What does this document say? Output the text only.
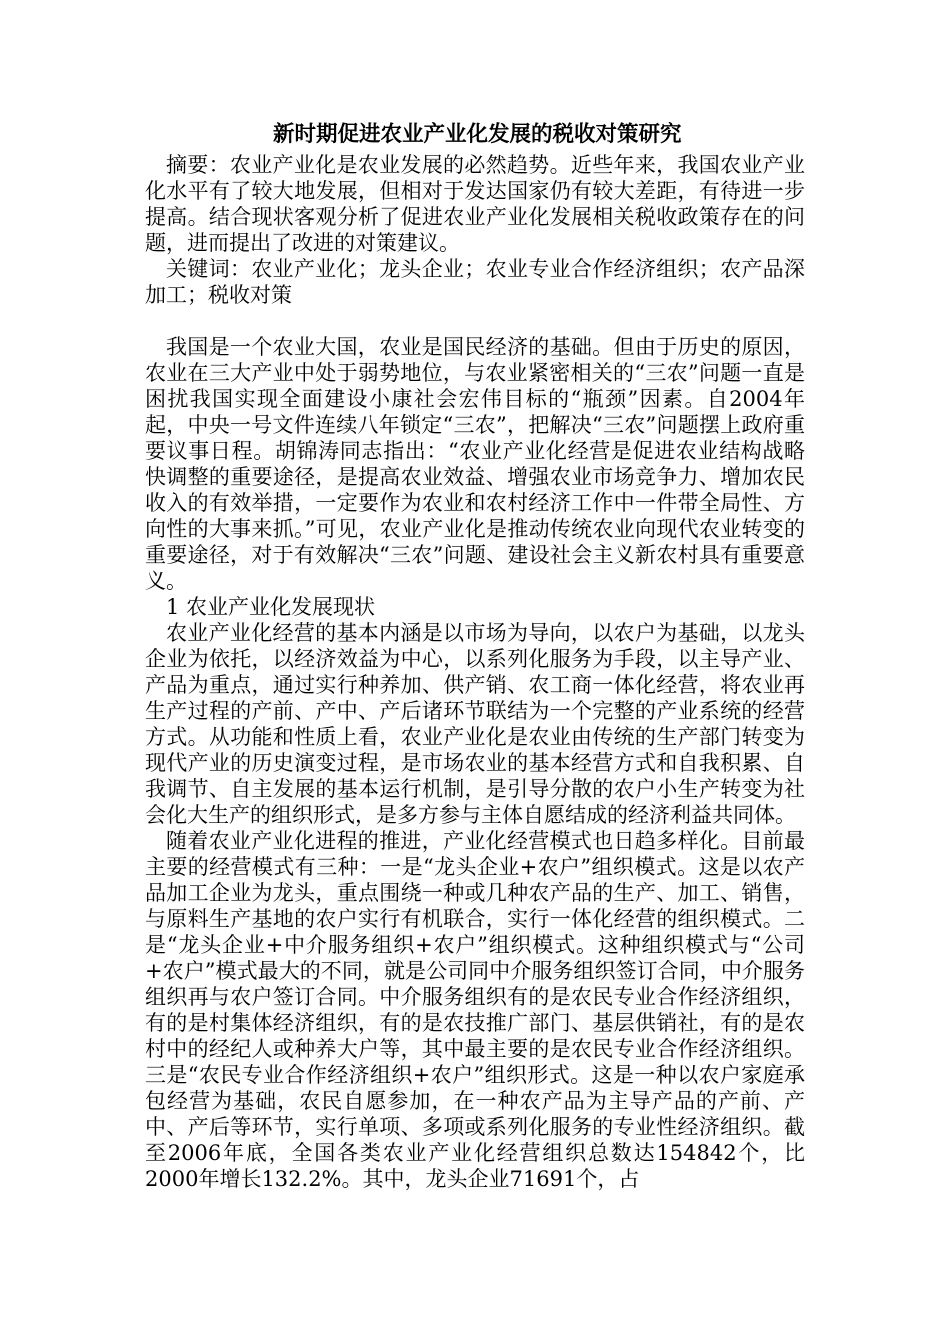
新时期促进农业产业化发展的税收对策研究

摘要：农业产业化是农业发展的必然趋势。近些年来，我国农业产业化水平有了较大地发展，但相对于发达国家仍有较大差距，有待进一步提高。结合现状客观分析了促进农业产业化发展相关税收政策存在的问题，进而提出了改进的对策建议。

关键词：农业产业化；龙头企业；农业专业合作经济组织；农产品深加工；税收对策

我国是一个农业大国，农业是国民经济的基础。但由于历史的原因，农业在三大产业中处于弱势地位，与农业紧密相关的“三农”问题一直是困扰我国实现全面建设小康社会宏伟目标的“瓶颈”因素。自2004年起，中央一号文件连续八年锁定“三农”，把解决“三农”问题摆上政府重要议事日程。胡锦涛同志指出：“农业产业化经营是促进农业结构战略快调整的重要途径，是提高农业效益、增强农业市场竞争力、增加农民收入的有效举措，一定要作为农业和农村经济工作中一件带全局性、方向性的大事来抓。”可见，农业产业化是推动传统农业向现代农业转变的重要途径，对于有效解决“三农”问题、建设社会主义新农村具有重要意义。

1 农业产业化发展现状

农业产业化经营的基本内涵是以市场为导向，以农户为基础，以龙头企业为依托，以经济效益为中心，以系列化服务为手段，以主导产业、产品为重点，通过实行种养加、供产销、农工商一体化经营，将农业再生产过程的产前、产中、产后诸环节联结为一个完整的产业系统的经营方式。从功能和性质上看，农业产业化是农业由传统的生产部门转变为现代产业的历史演变过程，是市场农业的基本经营方式和自我积累、自我调节、自主发展的基本运行机制，是引导分散的农户小生产转变为社会化大生产的组织形式，是多方参与主体自愿结成的经济利益共同体。

随着农业产业化进程的推进，产业化经营模式也日趋多样化。目前最主要的经营模式有三种：一是“龙头企业+农户”组织模式。这是以农产品加工企业为龙头，重点围绕一种或几种农产品的生产、加工、销售，与原料生产基地的农户实行有机联合，实行一体化经营的组织模式。二是“龙头企业+中介服务组织+农户”组织模式。这种组织模式与“公司+农户”模式最大的不同，就是公司同中介服务组织签订合同，中介服务组织再与农户签订合同。中介服务组织有的是农民专业合作经济组织，有的是村集体经济组织，有的是农技推广部门、基层供销社，有的是农村中的经纪人或种养大户等，其中最主要的是农民专业合作经济组织。三是“农民专业合作经济组织+农户”组织形式。这是一种以农户家庭承包经营为基础，农民自愿参加，在一种农产品为主导产品的产前、产中、产后等环节，实行单项、多项或系列化服务的专业性经济组织。截至2006年底，全国各类农业产业化经营组织总数达154842个，比2000年增长132.2%。其中，龙头企业71691个，占
